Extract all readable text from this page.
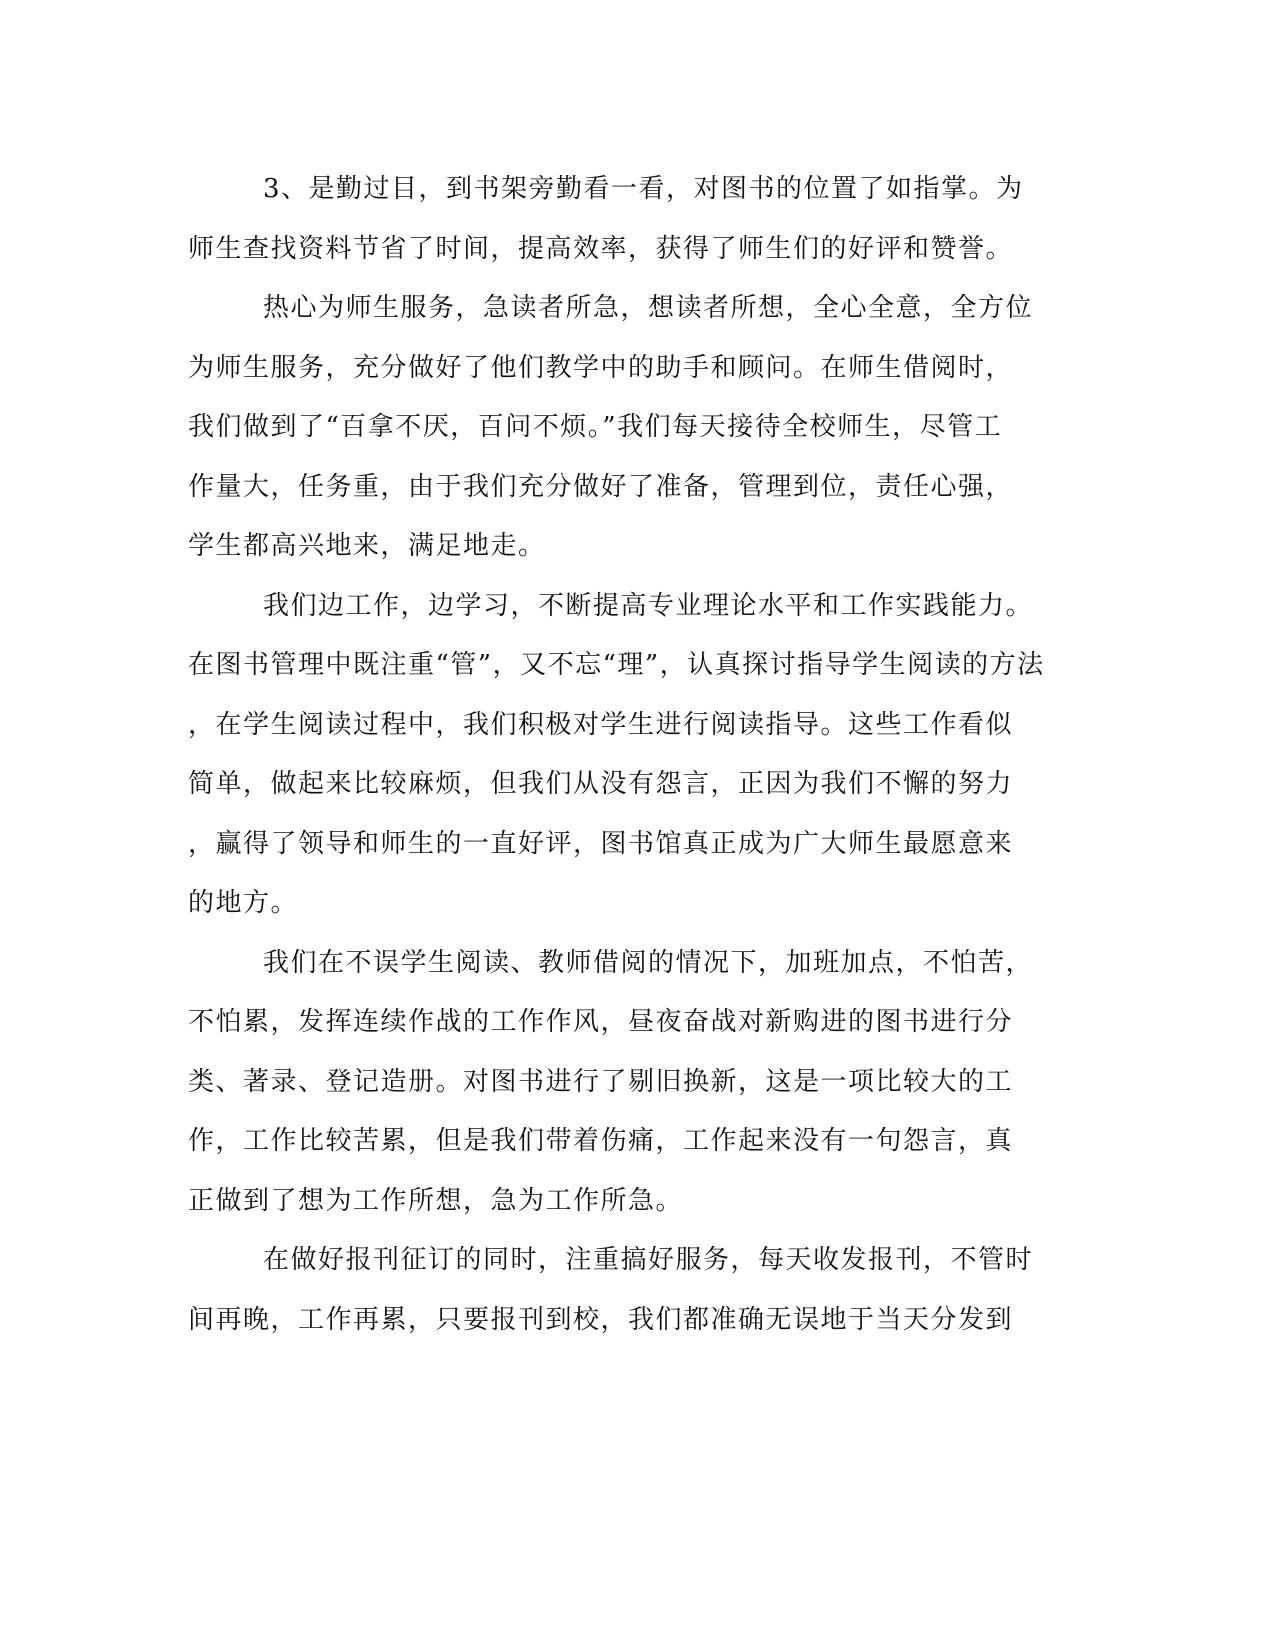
3、是勤过目，到书架旁勤看一看，对图书的位置了如指掌。为
师生查找资料节省了时间，提高效率，获得了师生们的好评和赞誉。
热心为师生服务，急读者所急，想读者所想，全心全意，全方位
为师生服务，充分做好了他们教学中的助手和顾问。在师生借阅时，
我们做到了“百拿不厌，百问不烦。”我们每天接待全校师生，尽管工
作量大，任务重，由于我们充分做好了准备，管理到位，责任心强，
学生都高兴地来，满足地走。
我们边工作，边学习，不断提高专业理论水平和工作实践能力。
在图书管理中既注重“管”，又不忘“理”，认真探讨指导学生阅读的方法
，在学生阅读过程中，我们积极对学生进行阅读指导。这些工作看似
简单，做起来比较麻烦，但我们从没有怨言，正因为我们不懈的努力
，赢得了领导和师生的一直好评，图书馆真正成为广大师生最愿意来
的地方。
我们在不误学生阅读、教师借阅的情况下，加班加点，不怕苦，
不怕累，发挥连续作战的工作作风，昼夜奋战对新购进的图书进行分
类、著录、登记造册。对图书进行了剔旧换新，这是一项比较大的工
作，工作比较苦累，但是我们带着伤痛，工作起来没有一句怨言，真
正做到了想为工作所想，急为工作所急。
在做好报刊征订的同时，注重搞好服务，每天收发报刊，不管时
间再晚，工作再累，只要报刊到校，我们都准确无误地于当天分发到
